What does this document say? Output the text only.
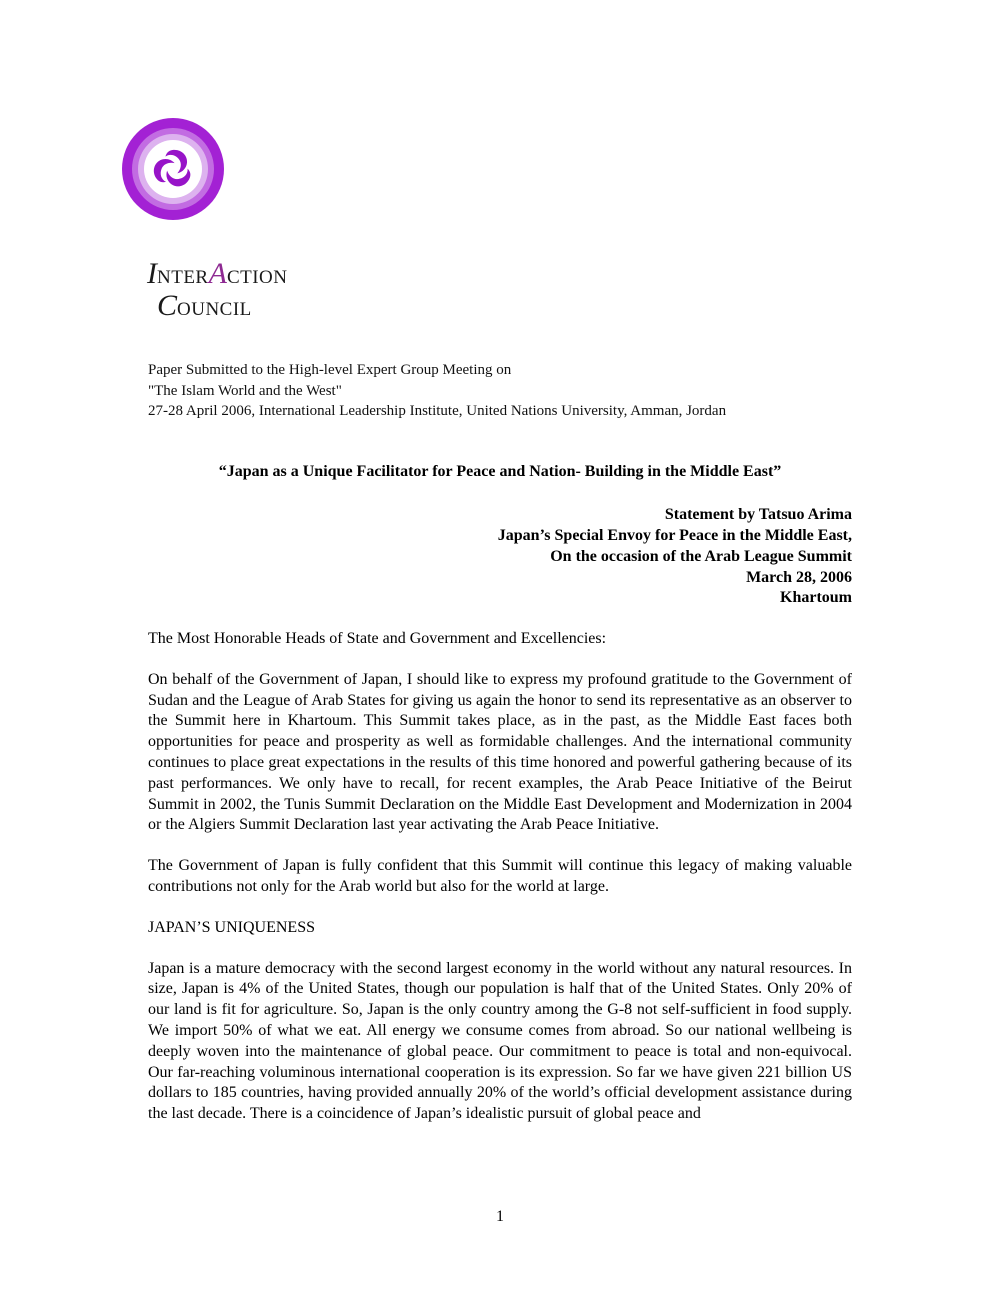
INTERACTION
COUNCIL
Paper Submitted to the High-level Expert Group Meeting on
"The Islam World and the West"
27-28 April 2006, International Leadership Institute, United Nations University, Amman, Jordan
“Japan as a Unique Facilitator for Peace and Nation- Building in the Middle East”
Statement by Tatsuo Arima
Japan’s Special Envoy for Peace in the Middle East,
On the occasion of the Arab League Summit
March 28, 2006
Khartoum
The Most Honorable Heads of State and Government and Excellencies:
On behalf of the Government of Japan, I should like to express my profound gratitude to the Government of Sudan and the League of Arab States for giving us again the honor to send its representative as an observer to the Summit here in Khartoum. This Summit takes place, as in the past, as the Middle East faces both opportunities for peace and prosperity as well as formidable challenges. And the international community continues to place great expectations in the results of this time honored and powerful gathering because of its past performances. We only have to recall, for recent examples, the Arab Peace Initiative of the Beirut Summit in 2002, the Tunis Summit Declaration on the Middle East Development and Modernization in 2004 or the Algiers Summit Declaration last year activating the Arab Peace Initiative.
The Government of Japan is fully confident that this Summit will continue this legacy of making valuable contributions not only for the Arab world but also for the world at large.
JAPAN’S UNIQUENESS
Japan is a mature democracy with the second largest economy in the world without any natural resources. In size, Japan is 4% of the United States, though our population is half that of the United States. Only 20% of our land is fit for agriculture. So, Japan is the only country among the G-8 not self-sufficient in food supply. We import 50% of what we eat. All energy we consume comes from abroad. So our national wellbeing is deeply woven into the maintenance of global peace. Our commitment to peace is total and non-equivocal. Our far-reaching voluminous international cooperation is its expression. So far we have given 221 billion US dollars to 185 countries, having provided annually 20% of the world’s official development assistance during the last decade. There is a coincidence of Japan’s idealistic pursuit of global peace and
1
